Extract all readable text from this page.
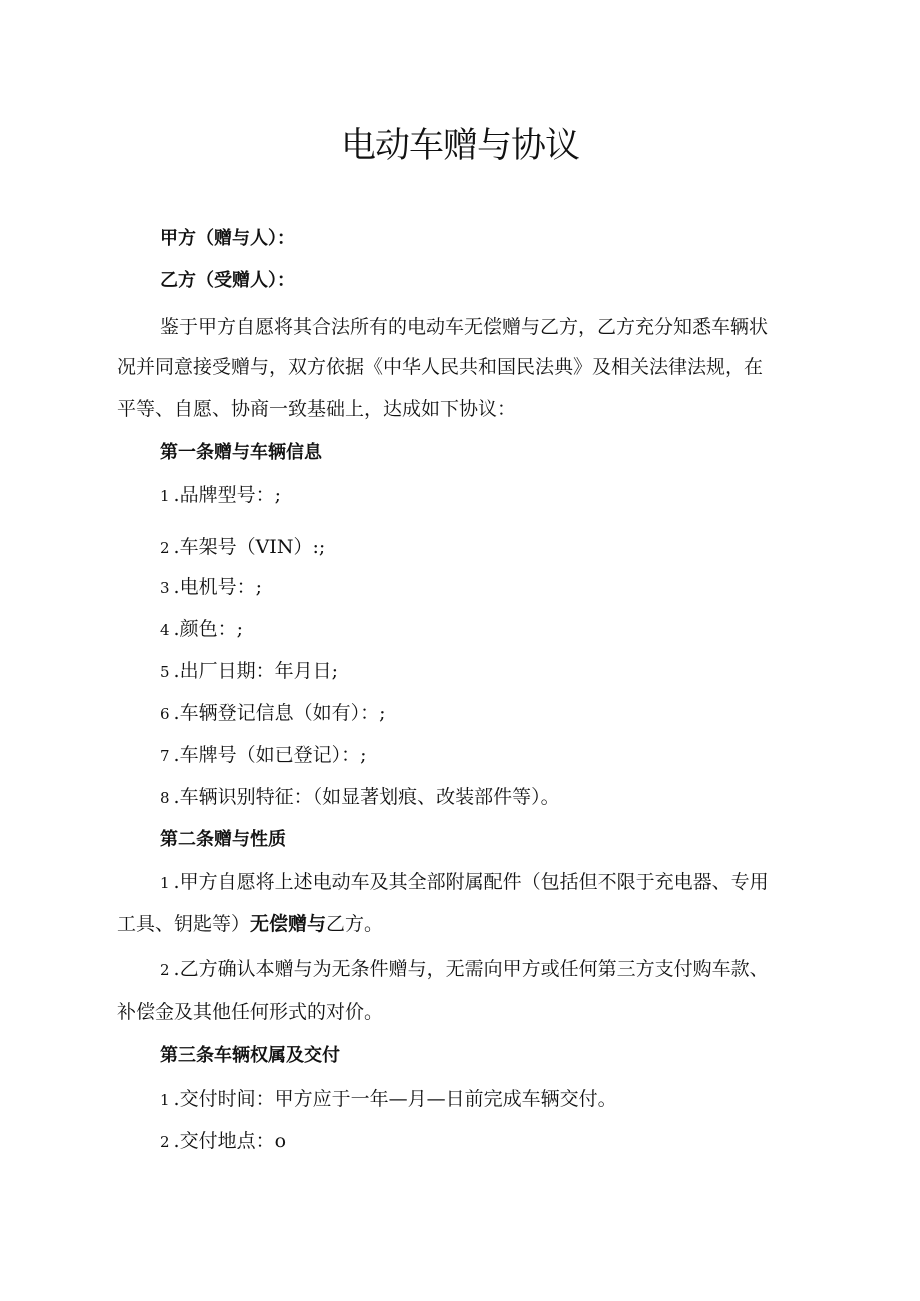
电动车赠与协议
甲方（赠与人）：
乙方（受赠人）：
鉴于甲方自愿将其合法所有的电动车无偿赠与乙方，乙方充分知悉车辆状
况并同意接受赠与，双方依据《中华人民共和国民法典》及相关法律法规，在
平等、自愿、协商一致基础上，达成如下协议：
第一条赠与车辆信息
1 .品牌型号：;
2 .车架号（VIN）:;
3 .电机号：;
4 .颜色：;
5 .出厂日期：年月日;
6 .车辆登记信息（如有）：;
7 .车牌号（如已登记）：;
8 .车辆识别特征：（如显著划痕、改装部件等）。
第二条赠与性质
1 .甲方自愿将上述电动车及其全部附属配件（包括但不限于充电器、专用
工具、钥匙等）无偿赠与乙方。
2 .乙方确认本赠与为无条件赠与，无需向甲方或任何第三方支付购车款、
补偿金及其他任何形式的对价。
第三条车辆权属及交付
1 .交付时间：甲方应于一年—月—日前完成车辆交付。
2 .交付地点：o
